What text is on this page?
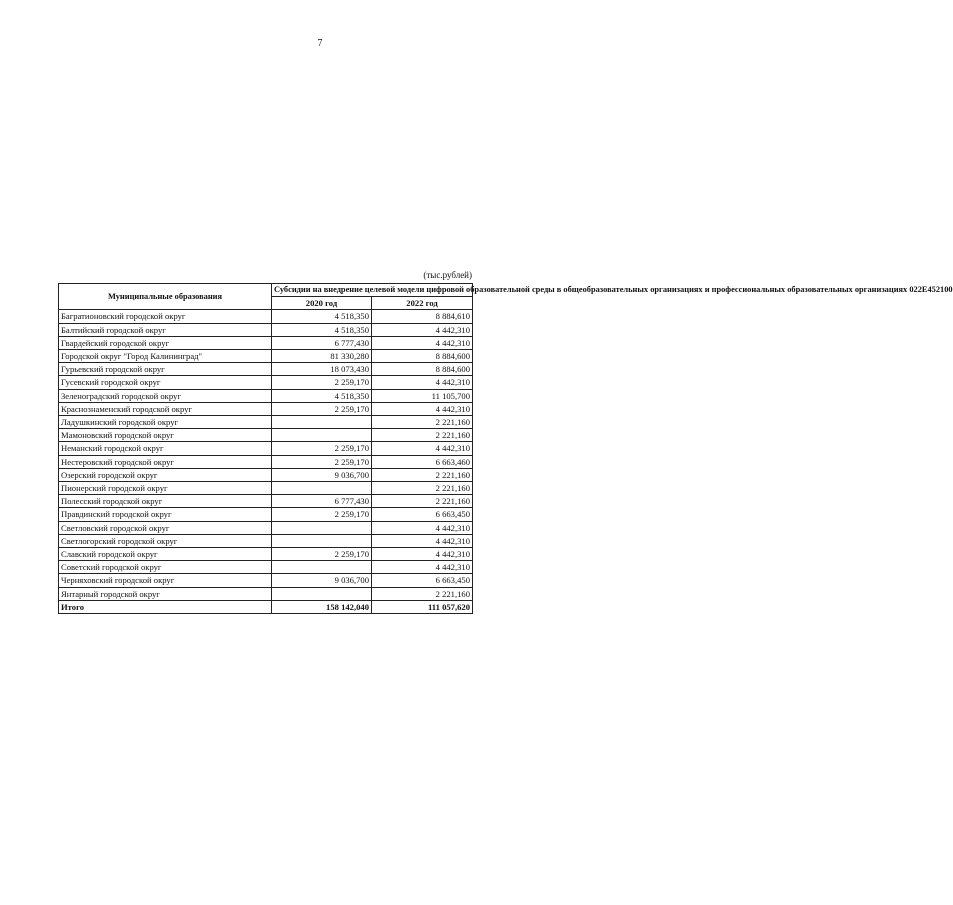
7
(тыс.рублей)
Муниципальные образования	Субсидии на внедрение целевой модели цифровой образовательной среды в общеобразовательных организациях и профессиональных образовательных организациях 022Е452100	
	2020 год	2022 год
Багратионовский городской округ	4 518,350	8 884,610
Балтийский городской округ	4 518,350	4 442,310
Гвардейский городской округ	6 777,430	4 442,310
Городской округ "Город Калининград"	81 330,280	8 884,600
Гурьевский городской округ	18 073,430	8 884,600
Гусевский городской округ	2 259,170	4 442,310
Зеленоградский городской округ	4 518,350	11 105,700
Краснознаменский городской округ	2 259,170	4 442,310
Ладушкинский городской округ		2 221,160
Мамоновский городской округ		2 221,160
Неманский городской округ	2 259,170	4 442,310
Нестеровский городской округ	2 259,170	6 663,460
Озерский городской округ	9 036,700	2 221,160
Пионерский городской округ		2 221,160
Полесский городской округ	6 777,430	2 221,160
Правдинский городской округ	2 259,170	6 663,450
Светловский городской округ		4 442,310
Светлогорский городской округ		4 442,310
Славский городской округ	2 259,170	4 442,310
Советский городской округ		4 442,310
Черняховский городской округ	9 036,700	6 663,450
Янтарный городской округ		2 221,160
Итого	158 142,040	111 057,620
